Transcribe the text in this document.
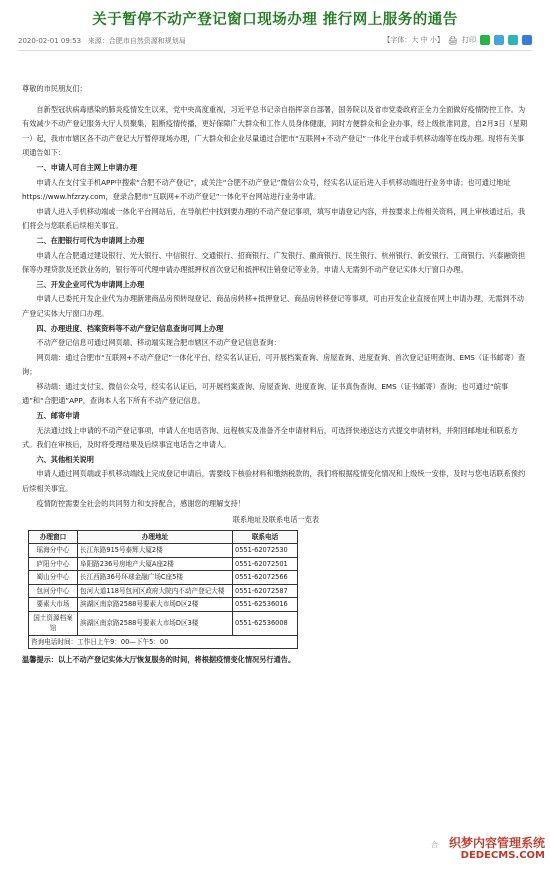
关于暂停不动产登记窗口现场办理 推行网上服务的通告
2020-02-01 09:53 来源：合肥市自然资源和规划局	【字体：大 中 小】 🖨 打印

尊敬的市民朋友们：

自新型冠状病毒感染的肺炎疫情发生以来，党中央高度重视，习近平总书记亲自指挥亲自部署，国务院以及省市党委政府正全力全面做好疫情防控工作。为有效减少不动产登记服务大厅人员聚集，阻断疫情传播，更好保障广大群众和工作人员身体健康，同时方便群众和企业办事，经上级批准同意，自2月3日（星期一）起，我市市辖区各不动产登记大厅暂停现场办理，广大群众和企业尽量通过合肥市“互联网+不动产登记”一体化平台或手机移动端等在线办理。现将有关事项通告如下：

一、申请人可自主网上申请办理

申请人在支付宝手机APP中搜索“合肥不动产登记”，或关注“合肥不动产登记”微信公众号，经实名认证后进入手机移动端进行业务申请；也可通过地址https://www.hfzrzy.com，登录合肥市“互联网+不动产登记”一体化平台网站进行业务申请。

申请人进入手机移动端或一体化平台网站后，在导航栏中找到要办理的不动产登记事项，填写申请登记内容，并按要求上传相关资料，网上审核通过后，我们将会与您联系后续相关事宜。

二、在肥银行可代为申请网上办理

申请人在合肥通过建设银行、光大银行、中信银行、交通银行、招商银行、广发银行、徽商银行、民生银行、杭州银行、新安银行、工商银行、兴泰融资担保等办理贷款及还款业务的，银行等可代理申请办理抵押权首次登记和抵押权注销登记等业务，申请人无需到不动产登记实体大厅窗口办理。

三、开发企业可代为申请网上办理

申请人已委托开发企业代为办理新建商品房预转现登记、商品房转移+抵押登记、商品房转移登记等事项，可由开发企业直接在网上申请办理，无需到不动产登记实体大厅窗口办理。

四、办理进度、档案资料等不动产登记信息查询可网上办理

不动产登记信息可通过网页端、移动端实现合肥市辖区不动产登记信息查询：

网页端：通过合肥市“互联网+不动产登记”一体化平台，经实名认证后，可开展档案查询、房屋查询、进度查询、首次登记证明查询、EMS（证书邮寄）查询；

移动端：通过支付宝、微信公众号，经实名认证后，可开展档案查询、房屋查询、进度查询、证书真伪查询、EMS（证书邮寄）查询；也可通过“皖事通”和“合肥通”APP，查询本人名下所有不动产登记信息。

五、邮寄申请

无法通过线上申请的不动产登记事项，申请人在电话咨询、远程核实及准备齐全申请材料后，可选择快递送达方式提交申请材料，并附回邮地址和联系方式。我们在审核后，及时将受理结果及后续事宜电话告之申请人。

六、其他相关说明

申请人通过网页端或手机移动端线上完成登记申请后，需要线下核验材料和缴纳税款的，我们将根据疫情变化情况和上级统一安排，及时与您电话联系预约后续相关事宜。

疫情防控需要全社会的共同努力和支持配合，感谢您的理解支持！

联系地址及联系电话一览表

办理窗口	办理地址	联系电话
瑶海分中心	长江东路915号泰辉大厦2楼	0551-62072530
庐阳分中心	阜阳路236号房地产大厦A座2楼	0551-62072501
蜀山分中心	长江西路36号环球金融广场C座5楼	0551-62072566
包河分中心	包河大道118号包河区政府大院内不动产登记大楼	0551-62072587
要素大市场	滨湖区南京路2588号要素大市场D区2楼	0551-62536016
国土资源档案馆	滨湖区南京路2588号要素大市场D区3楼	0551-62536008
咨询电话时间：工作日上午9：00—下午5：00		

温馨提示：以上不动产登记实体大厅恢复服务的时间，将根据疫情变化情况另行通告。

合 织梦内容管理系统
DEDECMS.COM
